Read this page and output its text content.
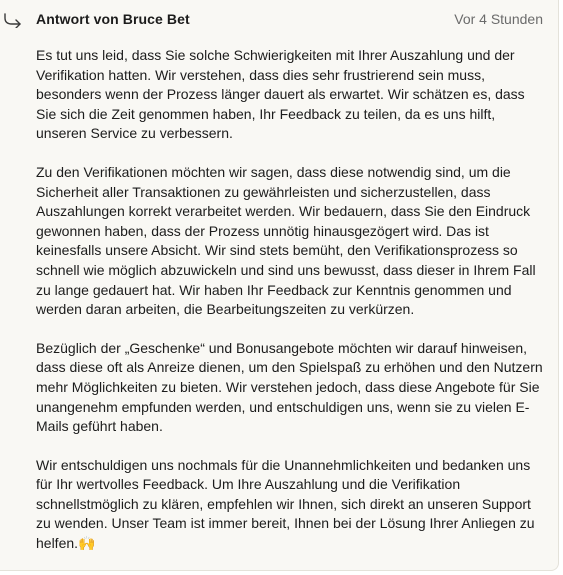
Antwort von Bruce Bet	Vor 4 Stunden

Es tut uns leid, dass Sie solche Schwierigkeiten mit Ihrer Auszahlung und der Verifikation hatten. Wir verstehen, dass dies sehr frustrierend sein muss, besonders wenn der Prozess länger dauert als erwartet. Wir schätzen es, dass Sie sich die Zeit genommen haben, Ihr Feedback zu teilen, da es uns hilft, unseren Service zu verbessern.

Zu den Verifikationen möchten wir sagen, dass diese notwendig sind, um die Sicherheit aller Transaktionen zu gewährleisten und sicherzustellen, dass Auszahlungen korrekt verarbeitet werden. Wir bedauern, dass Sie den Eindruck gewonnen haben, dass der Prozess unnötig hinausgezögert wird. Das ist keinesfalls unsere Absicht. Wir sind stets bemüht, den Verifikationsprozess so schnell wie möglich abzuwickeln und sind uns bewusst, dass dieser in Ihrem Fall zu lange gedauert hat. Wir haben Ihr Feedback zur Kenntnis genommen und werden daran arbeiten, die Bearbeitungszeiten zu verkürzen.

Bezüglich der „Geschenke“ und Bonusangebote möchten wir darauf hinweisen, dass diese oft als Anreize dienen, um den Spielspaß zu erhöhen und den Nutzern mehr Möglichkeiten zu bieten. Wir verstehen jedoch, dass diese Angebote für Sie unangenehm empfunden werden, und entschuldigen uns, wenn sie zu vielen E-Mails geführt haben.

Wir entschuldigen uns nochmals für die Unannehmlichkeiten und bedanken uns für Ihr wertvolles Feedback. Um Ihre Auszahlung und die Verifikation schnellstmöglich zu klären, empfehlen wir Ihnen, sich direkt an unseren Support zu wenden. Unser Team ist immer bereit, Ihnen bei der Lösung Ihrer Anliegen zu helfen.🙌
